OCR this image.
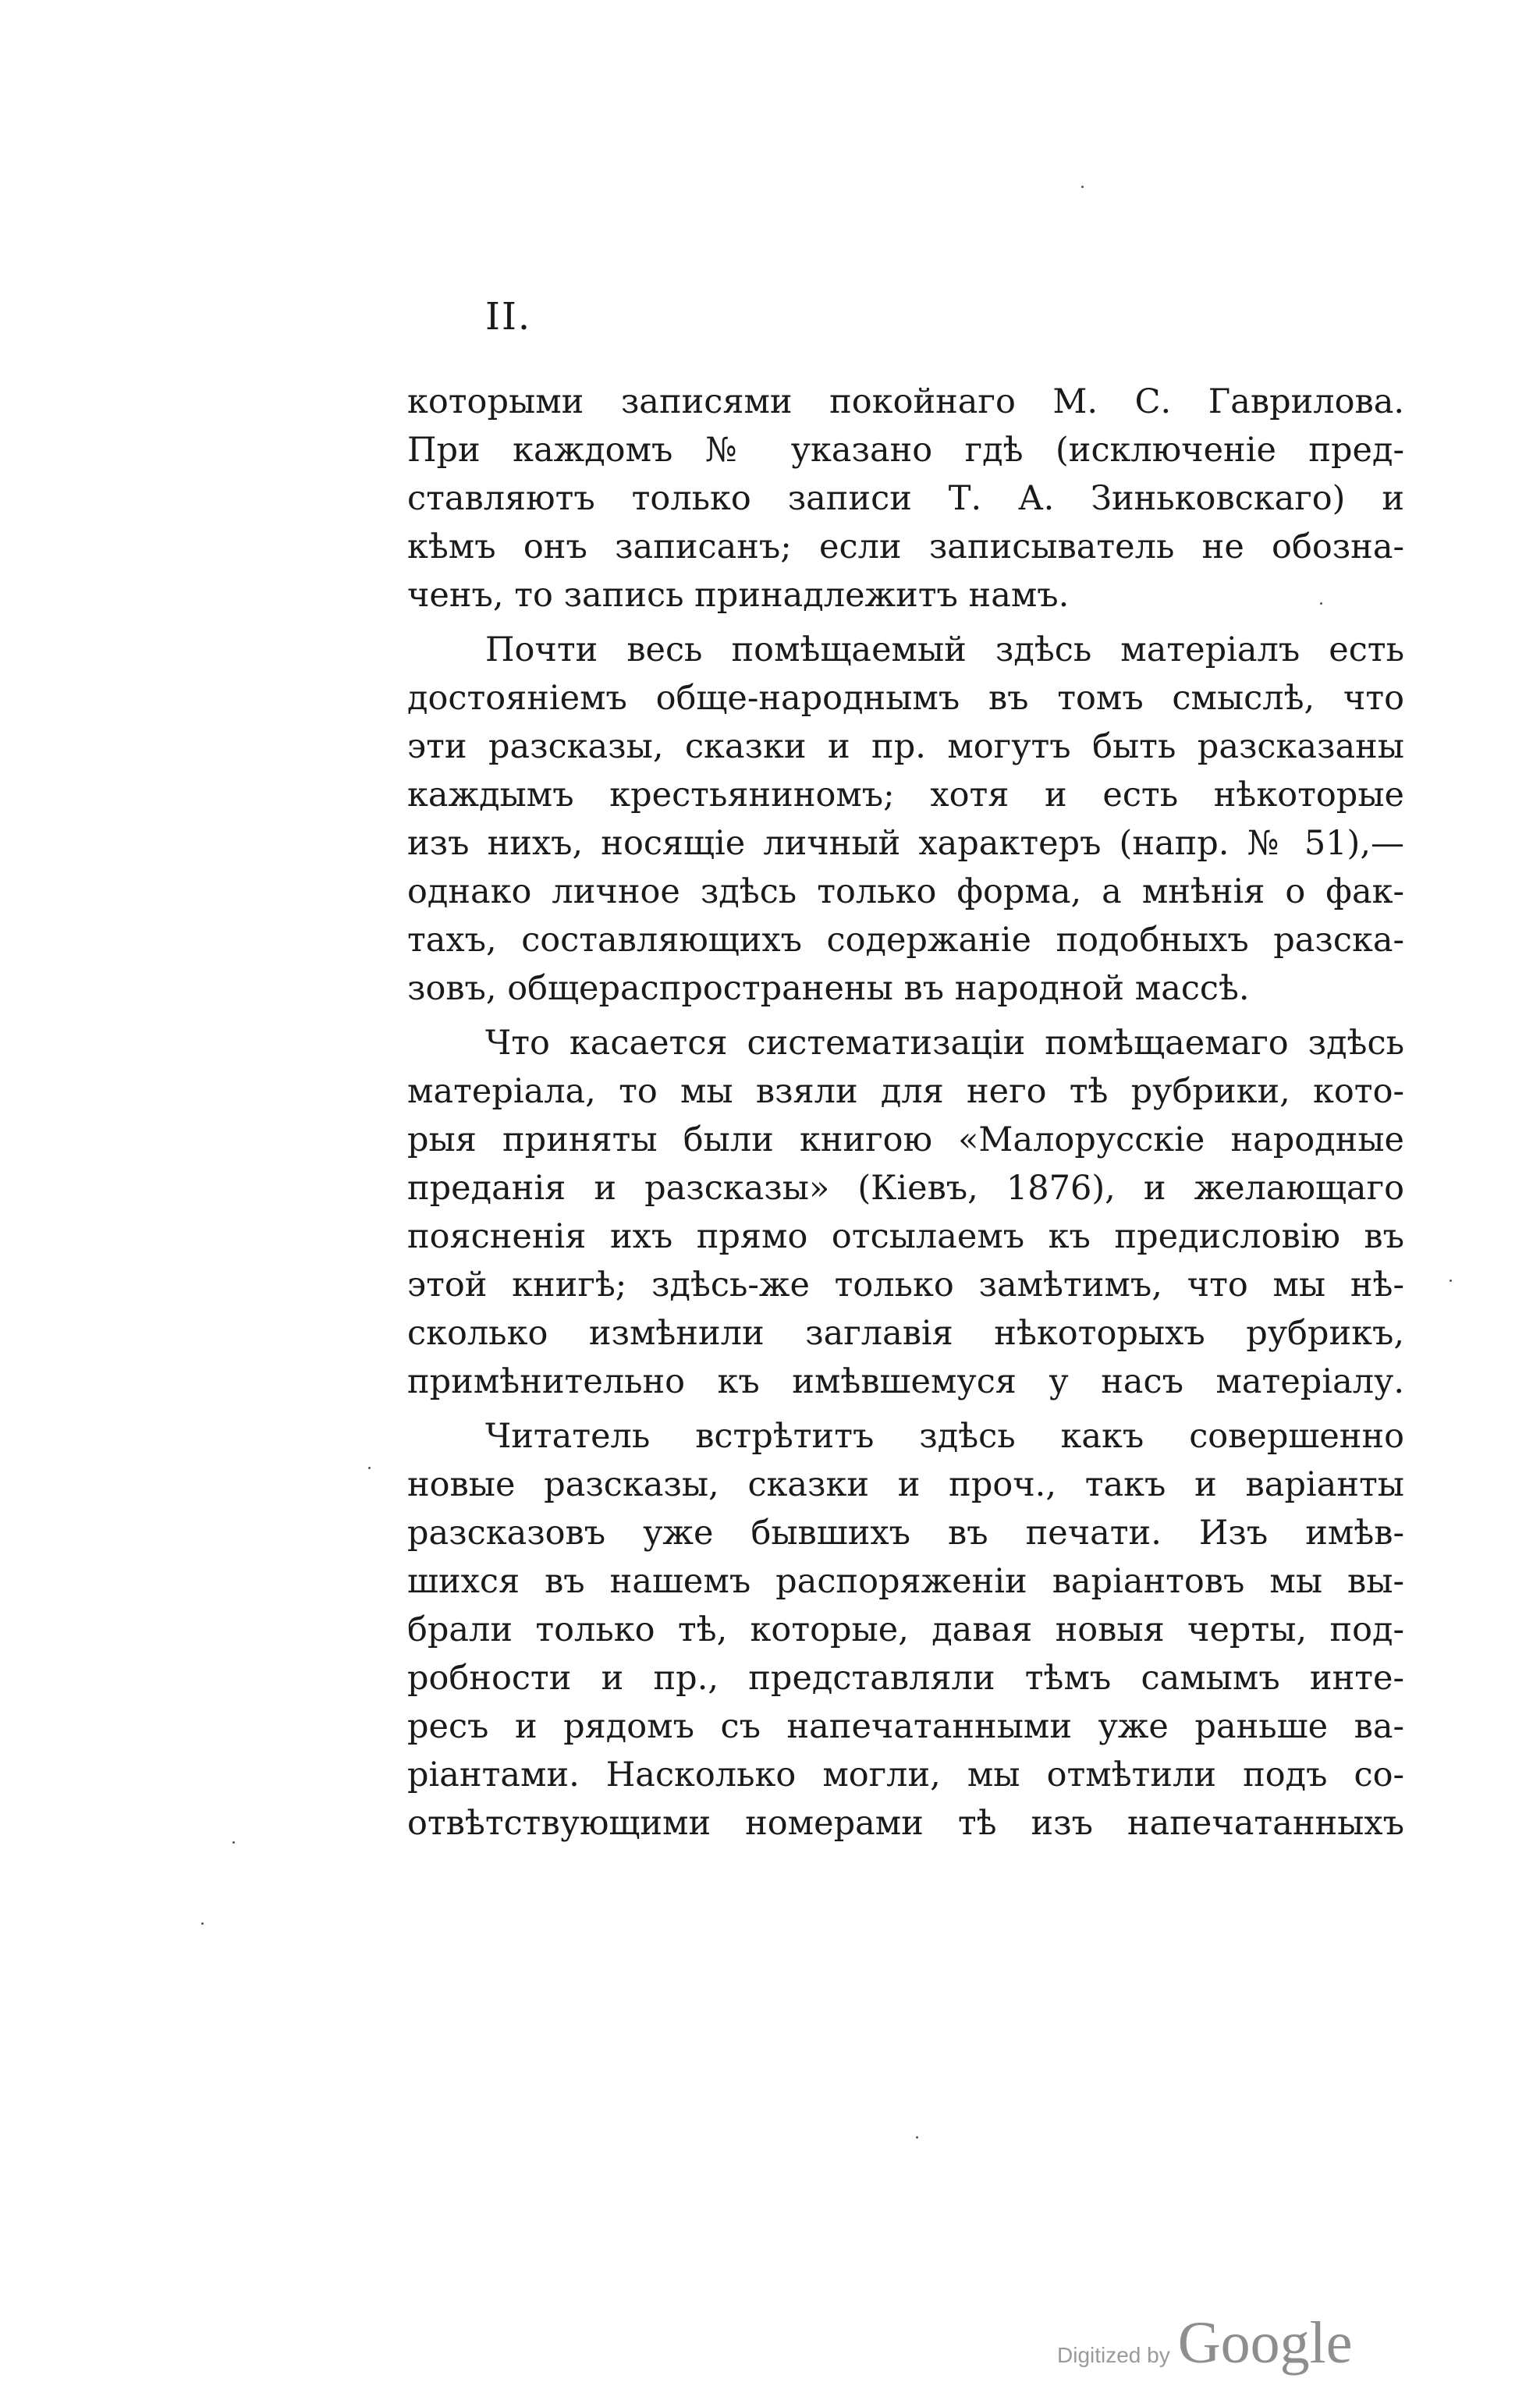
II.
которыми записями покойнаго М. С. Гаврилова.
При каждомъ № указано гдѣ (исключеніе пред-
ставляютъ только записи Т. А. Зиньковскаго) и
кѣмъ онъ записанъ; если записыватель не обозна-
ченъ, то запись принадлежитъ намъ.
Почти весь помѣщаемый здѣсь матеріалъ есть
достояніемъ обще-народнымъ въ томъ смыслѣ, что
эти разсказы, сказки и пр. могутъ быть разсказаны
каждымъ крестьяниномъ; хотя и есть нѣкоторые
изъ нихъ, носящіе личный характеръ (напр. № 51),—
однако личное здѣсь только форма, а мнѣнія о фак-
тахъ, составляющихъ содержаніе подобныхъ разска-
зовъ, общераспространены въ народной массѣ.
Что касается систематизаціи помѣщаемаго здѣсь
матеріала, то мы взяли для него тѣ рубрики, кото-
рыя приняты были книгою «Малорусскіе народные
преданія и разсказы» (Кіевъ, 1876), и желающаго
поясненія ихъ прямо отсылаемъ къ предисловію въ
этой книгѣ; здѣсь-же только замѣтимъ, что мы нѣ-
сколько измѣнили заглавія нѣкоторыхъ рубрикъ,
примѣнительно къ имѣвшемуся у насъ матеріалу.
Читатель встрѣтитъ здѣсь какъ совершенно
новые разсказы, сказки и проч., такъ и варіанты
разсказовъ уже бывшихъ въ печати. Изъ имѣв-
шихся въ нашемъ распоряженіи варіантовъ мы вы-
брали только тѣ, которые, давая новыя черты, под-
робности и пр., представляли тѣмъ самымъ инте-
ресъ и рядомъ съ напечатанными уже раньше ва-
ріантами. Насколько могли, мы отмѣтили подъ со-
отвѣтствующими номерами тѣ изъ напечатанныхъ
Digitized by Google
